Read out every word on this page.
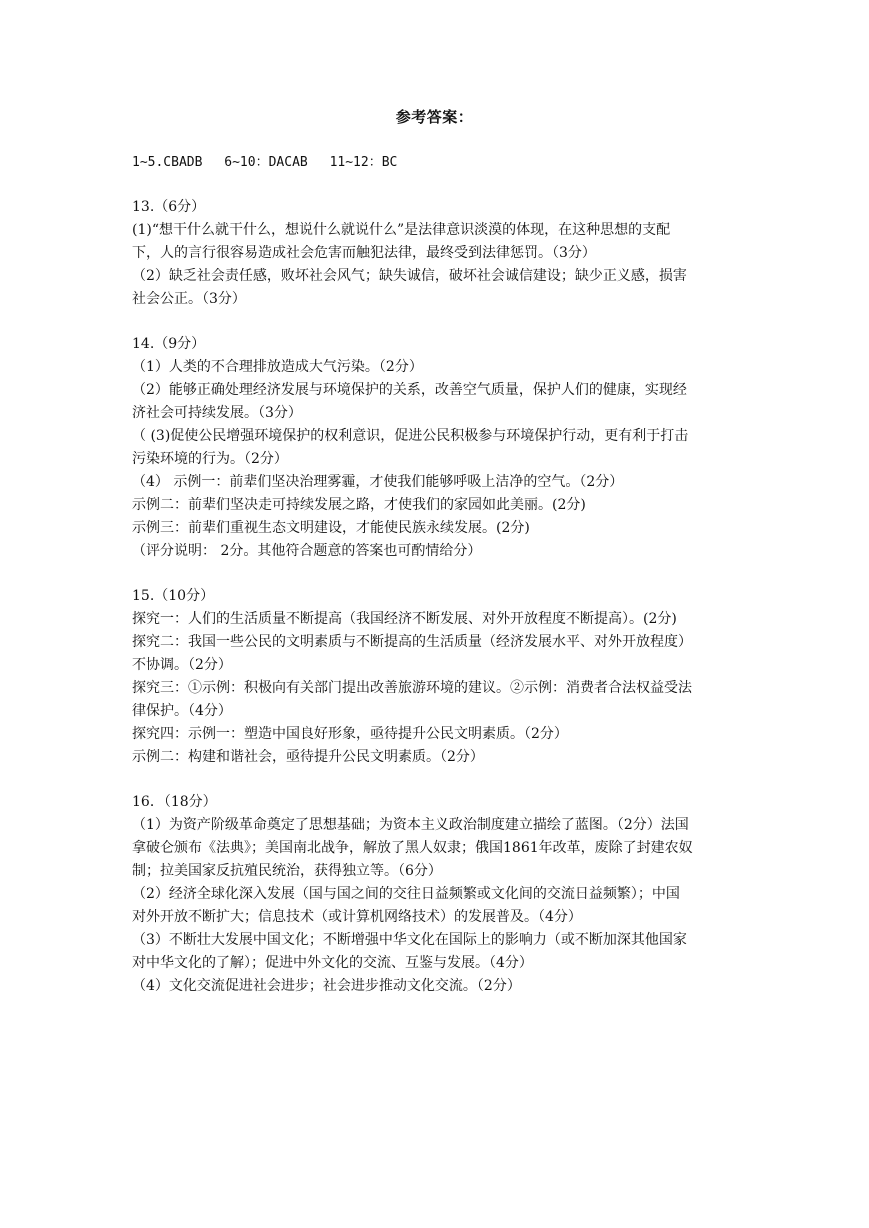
参考答案：
1~5.CBADB 6~10：DACAB 11~12：BC
13.（6分）
(1)“想干什么就干什么，想说什么就说什么”是法律意识淡漠的体现，在这种思想的支配
下，人的言行很容易造成社会危害而触犯法律，最终受到法律惩罚。（3分）
（2）缺乏社会责任感，败坏社会风气；缺失诚信，破坏社会诚信建设；缺少正义感，损害
社会公正。（3分）
14.（9分）
（1）人类的不合理排放造成大气污染。（2分）
（2）能够正确处理经济发展与环境保护的关系，改善空气质量，保护人们的健康，实现经
济社会可持续发展。（3分）
（ (3)促使公民增强环境保护的权利意识，促进公民积极参与环境保护行动，更有利于打击
污染环境的行为。（2分）
（4） 示例一：前辈们坚决治理雾霾，才使我们能够呼吸上洁净的空气。（2分）
示例二：前辈们坚决走可持续发展之路，才使我们的家园如此美丽。(2分)
示例三：前辈们重视生态文明建设，才能使民族永续发展。(2分)
（评分说明： 2分。其他符合题意的答案也可酌情给分）
15.（10分）
探究一：人们的生活质量不断提高（我国经济不断发展、对外开放程度不断提高）。(2分)
探究二：我国一些公民的文明素质与不断提高的生活质量（经济发展水平、对外开放程度）
不协调。（2分）
探究三：①示例：积极向有关部门提出改善旅游环境的建议。②示例：消费者合法权益受法
律保护。（4分）
探究四：示例一：塑造中国良好形象，亟待提升公民文明素质。（2分）
示例二：构建和谐社会，亟待提升公民文明素质。（2分）
16．（18分）
（1）为资产阶级革命奠定了思想基础；为资本主义政治制度建立描绘了蓝图。（2分）法国
拿破仑颁布《法典》；美国南北战争，解放了黑人奴隶；俄国1861年改革，废除了封建农奴
制；拉美国家反抗殖民统治，获得独立等。（6分）
（2）经济全球化深入发展（国与国之间的交往日益频繁或文化间的交流日益频繁）；中国
对外开放不断扩大；信息技术（或计算机网络技术）的发展普及。（4分）
（3）不断壮大发展中国文化；不断增强中华文化在国际上的影响力（或不断加深其他国家
对中华文化的了解）；促进中外文化的交流、互鉴与发展。（4分）
（4）文化交流促进社会进步；社会进步推动文化交流。（2分）
